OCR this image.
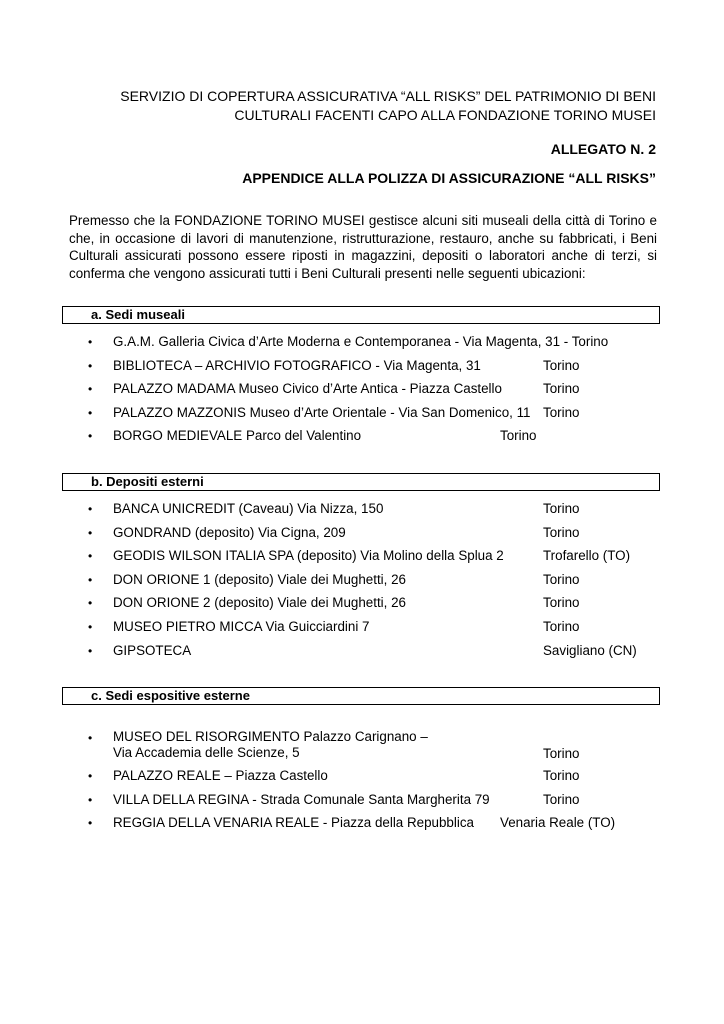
SERVIZIO DI COPERTURA ASSICURATIVA “ALL RISKS” DEL PATRIMONIO DI BENI
CULTURALI FACENTI CAPO ALLA FONDAZIONE TORINO MUSEI
ALLEGATO N. 2
APPENDICE ALLA POLIZZA DI ASSICURAZIONE “ALL RISKS”
Premesso che la FONDAZIONE TORINO MUSEI gestisce alcuni siti museali della città di Torino e che, in occasione di lavori di manutenzione, ristrutturazione, restauro, anche su fabbricati, i Beni Culturali assicurati possono essere riposti in magazzini, depositi o laboratori anche di terzi, si conferma che vengono assicurati tutti i Beni Culturali presenti nelle seguenti ubicazioni:
a. Sedi museali
• G.A.M. Galleria Civica d’Arte Moderna e Contemporanea - Via Magenta, 31 - Torino
• BIBLIOTECA – ARCHIVIO FOTOGRAFICO - Via Magenta, 31	Torino
• PALAZZO MADAMA Museo Civico d’Arte Antica - Piazza Castello	Torino
• PALAZZO MAZZONIS Museo d’Arte Orientale - Via San Domenico, 11 Torino
• BORGO MEDIEVALE Parco del Valentino	Torino
b. Depositi esterni
• BANCA UNICREDIT (Caveau) Via Nizza, 150	Torino
• GONDRAND (deposito) Via Cigna, 209	Torino
• GEODIS WILSON ITALIA SPA (deposito) Via Molino della Splua 2	Trofarello (TO)
• DON ORIONE 1 (deposito) Viale dei Mughetti, 26	Torino
• DON ORIONE 2 (deposito) Viale dei Mughetti, 26	Torino
• MUSEO PIETRO MICCA Via Guicciardini 7	Torino
• GIPSOTECA	Savigliano (CN)
c. Sedi espositive esterne
• MUSEO DEL RISORGIMENTO Palazzo Carignano –
Via Accademia delle Scienze, 5	Torino
• PALAZZO REALE – Piazza Castello	Torino
• VILLA DELLA REGINA - Strada Comunale Santa Margherita 79	Torino
• REGGIA DELLA VENARIA REALE - Piazza della Repubblica Venaria Reale (TO)
